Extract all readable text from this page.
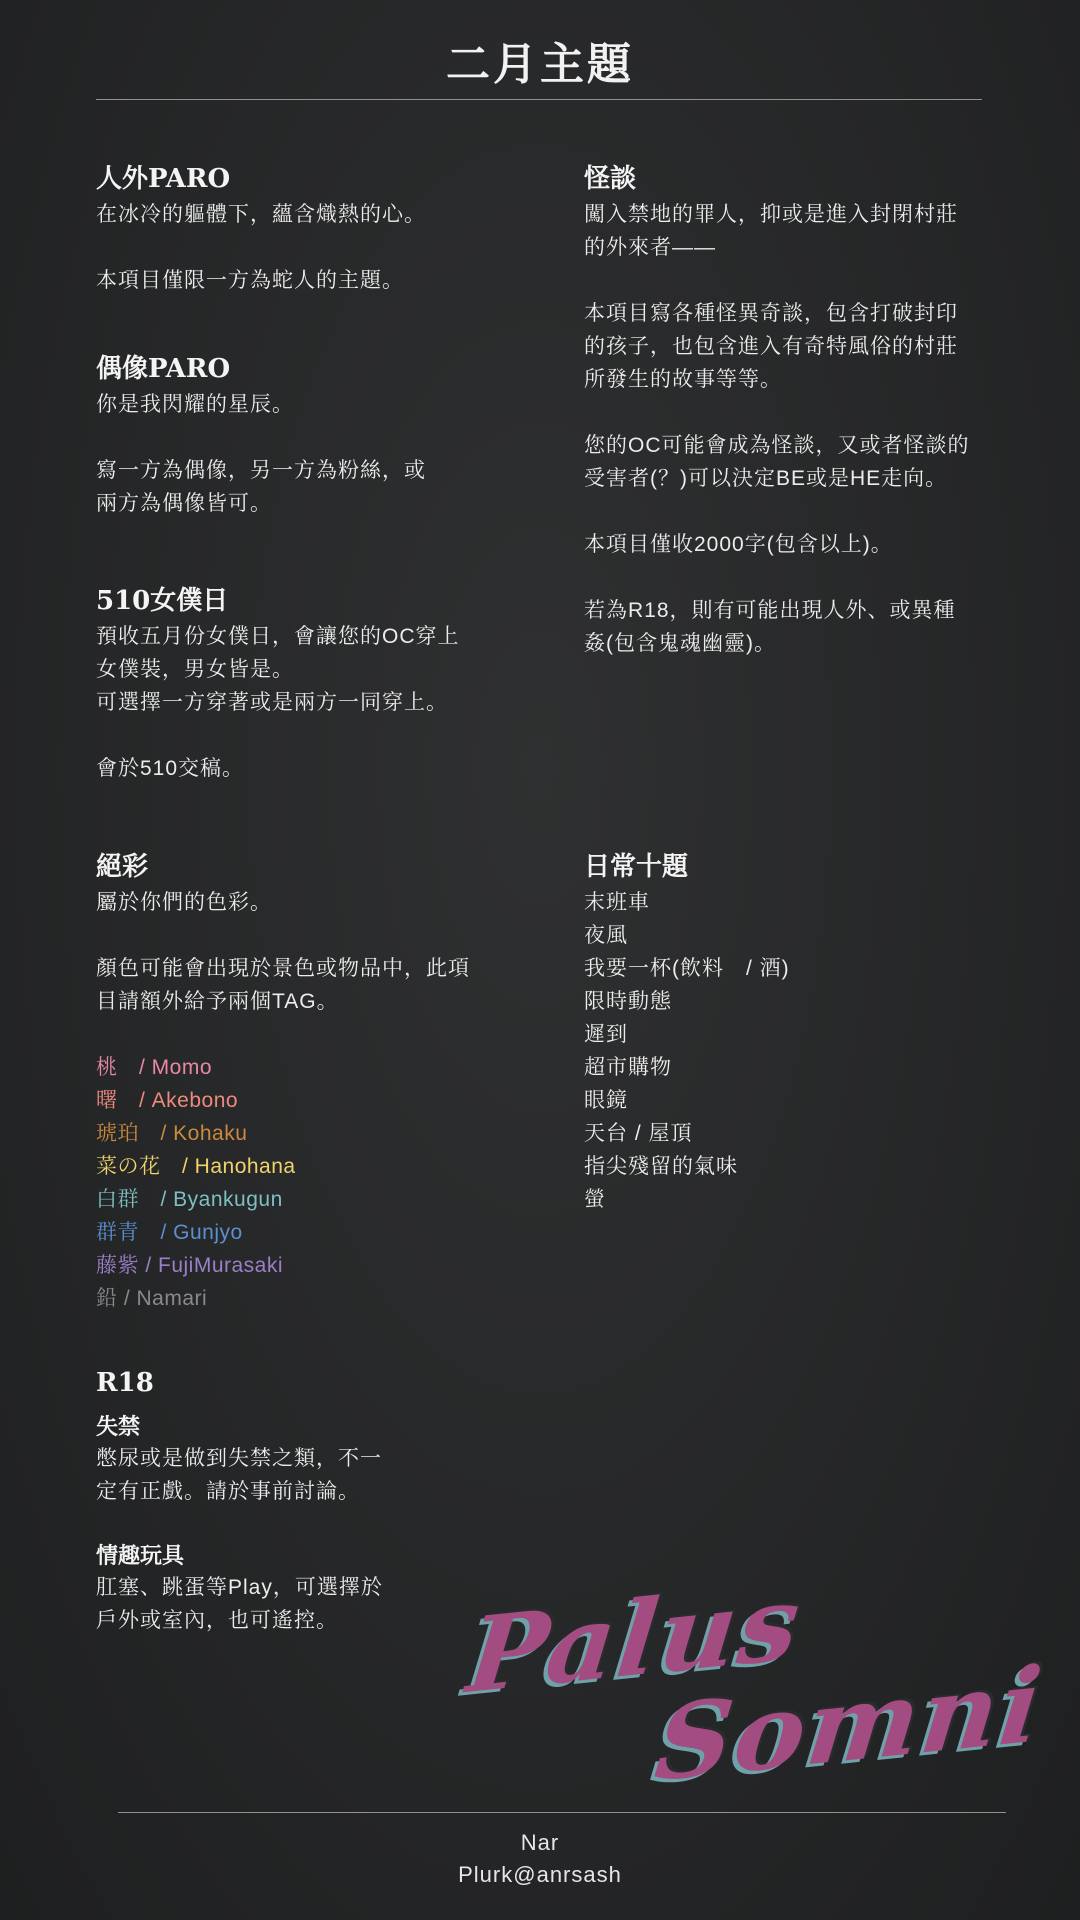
二月主題
人外PARO

在冰冷的軀體下，蘊含熾熱的心。

本項目僅限一方為蛇人的主題。

偶像PARO

你是我閃耀的星辰。

寫一方為偶像，另一方為粉絲，或
兩方為偶像皆可。

510女僕日

預收五月份女僕日，會讓您的OC穿上
女僕裝，男女皆是。
可選擇一方穿著或是兩方一同穿上。

會於510交稿。

怪談

闖入禁地的罪人，抑或是進入封閉村莊
的外來者——

本項目寫各種怪異奇談，包含打破封印
的孩子，也包含進入有奇特風俗的村莊
所發生的故事等等。

您的OC可能會成為怪談，又或者怪談的
受害者(？)可以決定BE或是HE走向。

本項目僅收2000字(包含以上)。

若為R18，則有可能出現人外、或異種
姦(包含鬼魂幽靈)。

絕彩

屬於你們的色彩。

顏色可能會出現於景色或物品中，此項
目請額外給予兩個TAG。

桃　/ Momo
曙　/ Akebono
琥珀　/ Kohaku
菜の花　/ Hanohana
白群　/ Byankugun
群青　/ Gunjyo
藤紫 / FujiMurasaki
鉛 / Namari
日常十題

末班車

夜風

我要一杯(飲料　/ 酒)

限時動態

遲到

超市購物

眼鏡

天台 / 屋頂

指尖殘留的氣味

螢

R18
失禁

憋尿或是做到失禁之類，不一
定有正戲。請於事前討論。

情趣玩具

肛塞、跳蛋等Play，可選擇於
戶外或室內，也可遙控。	Palus
Somni
Nar
Plurk@anrsash
